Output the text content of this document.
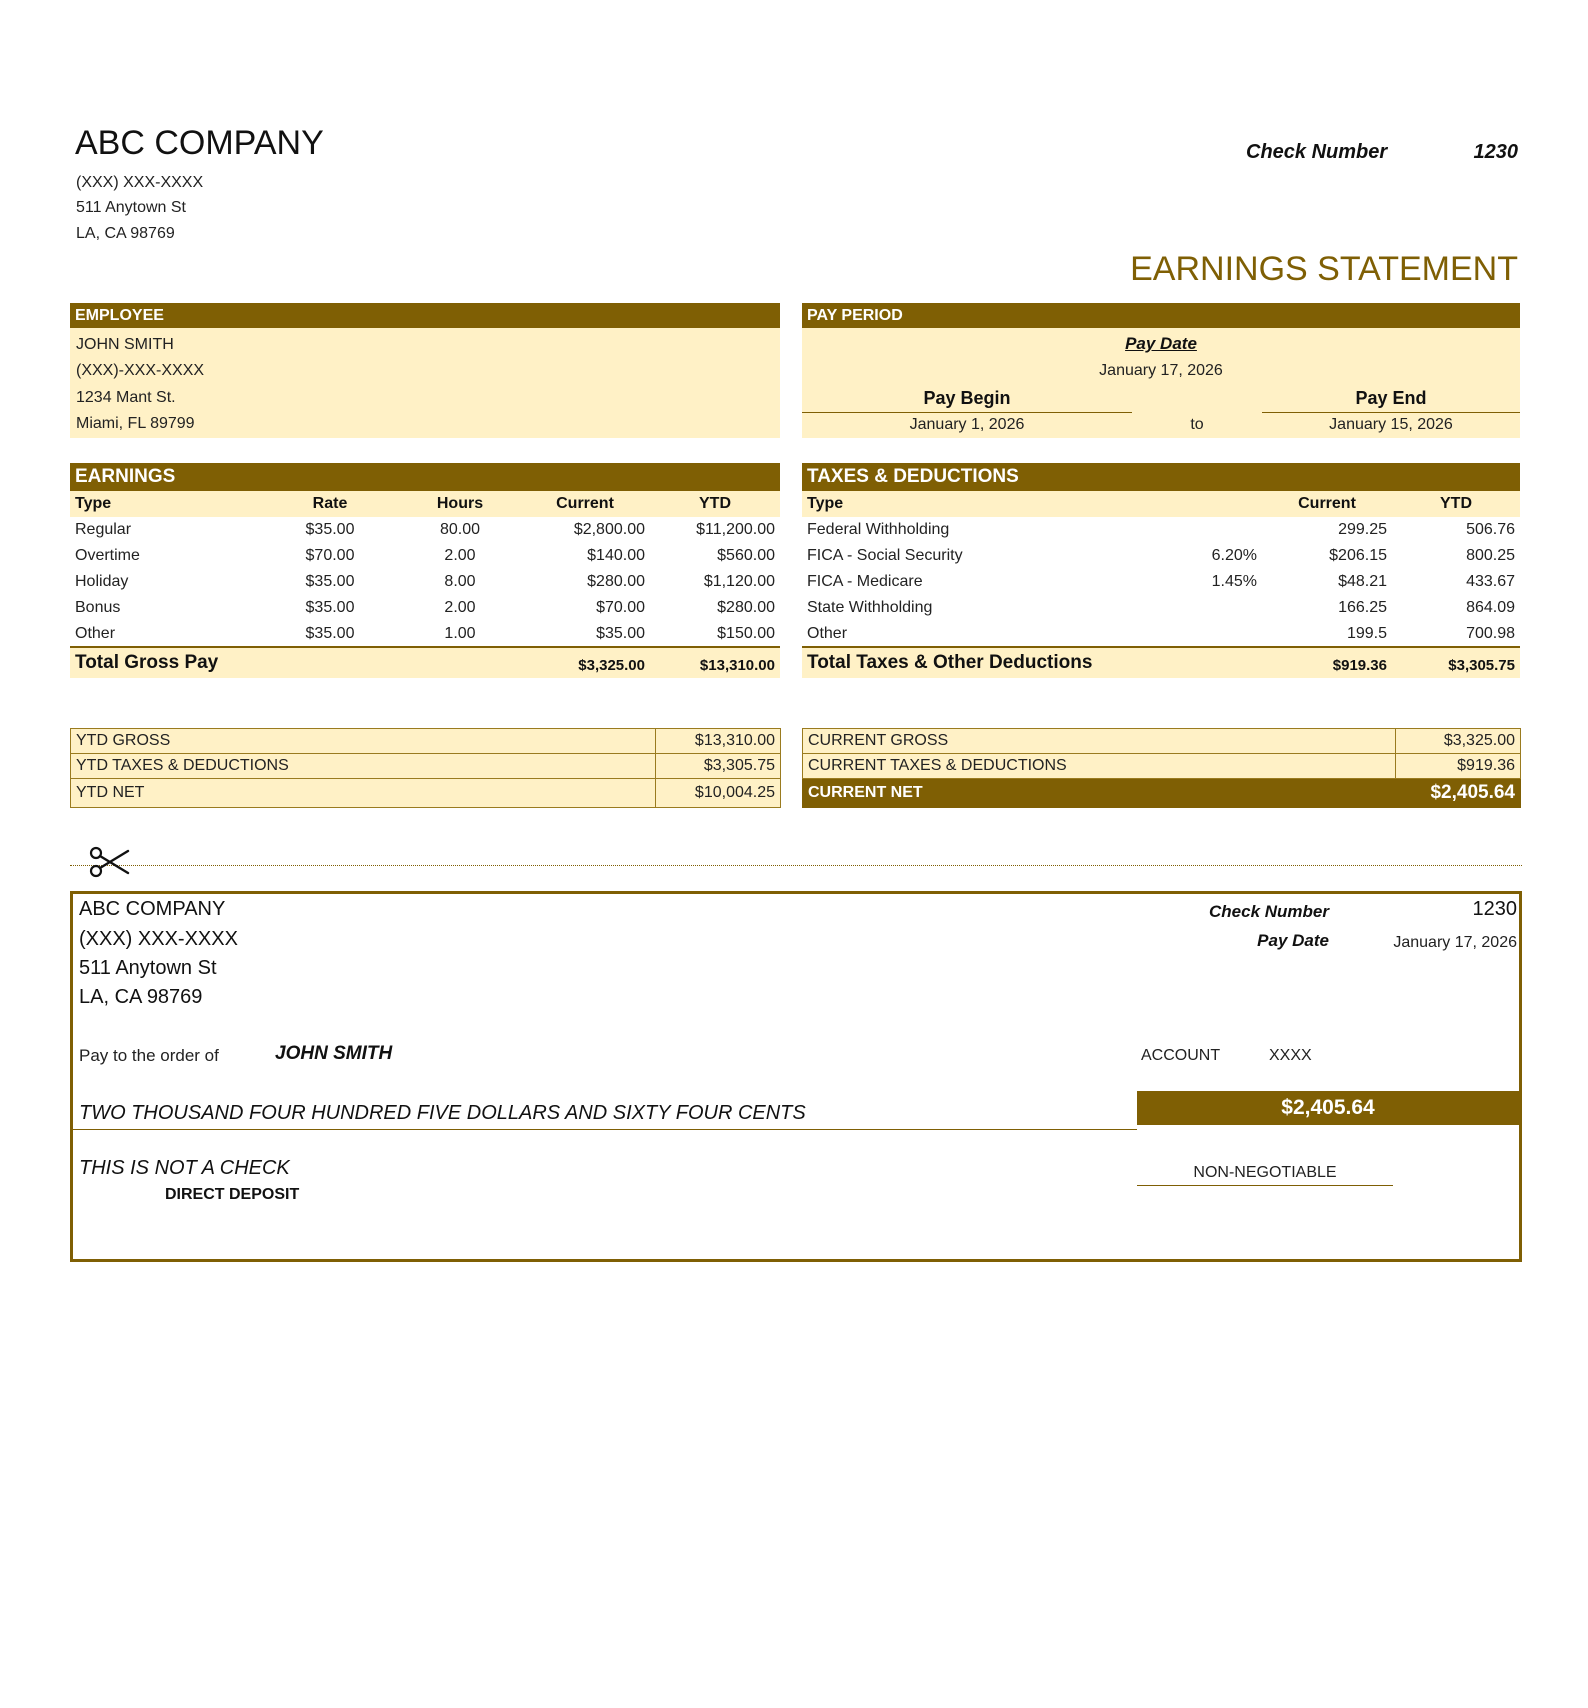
ABC COMPANY
(XXX) XXX-XXXX
511 Anytown St
LA, CA 98769
Check Number	1230
EARNINGS STATEMENT
EMPLOYEE
JOHN SMITH
(XXX)-XXX-XXXX
1234 Mant St.
Miami, FL 89799
PAY PERIOD
Pay Date
January 17, 2026
Pay Begin
January 1, 2026	to
Pay End
January 15, 2026
EARNINGS
Type	Rate	Hours	Current	YTD
Regular	$35.00	80.00	$2,800.00	$11,200.00
Overtime	$70.00	2.00	$140.00	$560.00
Holiday	$35.00	8.00	$280.00	$1,120.00
Bonus	$35.00	2.00	$70.00	$280.00
Other	$35.00	1.00	$35.00	$150.00
Total Gross Pay			$3,325.00	$13,310.00
TAXES & DEDUCTIONS
Type		Current	YTD
Federal Withholding		299.25	506.76
FICA - Social Security	6.20%	$206.15	800.25
FICA - Medicare	1.45%	$48.21	433.67
State Withholding		166.25	864.09
Other		199.5	700.98
Total Taxes & Other Deductions		$919.36	$3,305.75
YTD GROSS	$13,310.00
YTD TAXES & DEDUCTIONS	$3,305.75
YTD NET	$10,004.25
CURRENT GROSS	$3,325.00
CURRENT TAXES & DEDUCTIONS	$919.36
CURRENT NET	$2,405.64
ABC COMPANY
(XXX) XXX-XXXX
511 Anytown St
LA, CA 98769
Check Number	1230
Pay Date	January 17, 2026
Pay to the order of	JOHN SMITH	ACCOUNT	XXXX
TWO THOUSAND FOUR HUNDRED FIVE DOLLARS AND SIXTY FOUR CENTS	$2,405.64
THIS IS NOT A CHECK
DIRECT DEPOSIT
NON-NEGOTIABLE
